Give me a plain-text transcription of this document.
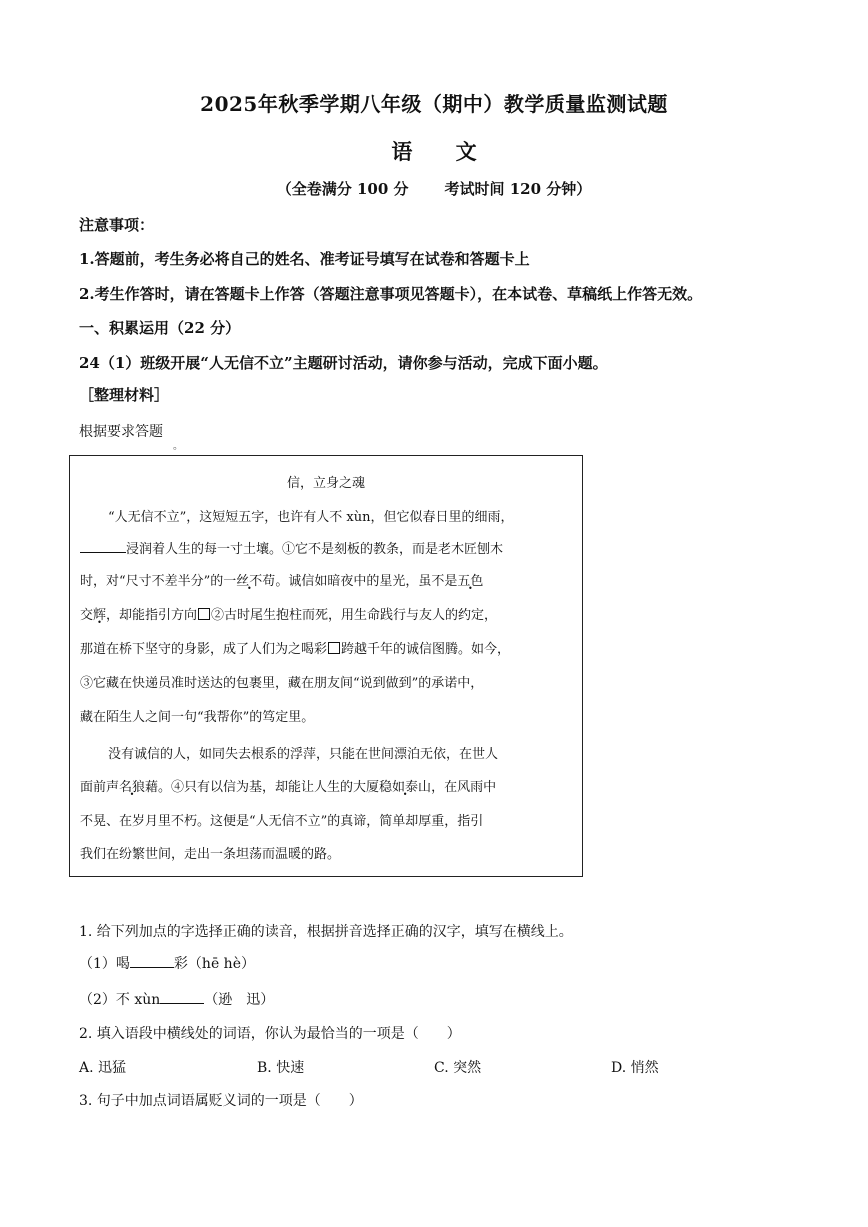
2025年秋季学期八年级（期中）教学质量监测试题
语 文
（全卷满分 100 分 考试时间 120 分钟）
注意事项：
1.答题前，考生务必将自己的姓名、准考证号填写在试卷和答题卡上
2.考生作答时，请在答题卡上作答（答题注意事项见答题卡），在本试卷、草稿纸上作答无效。
一、积累运用（22 分）
24（1）班级开展“人无信不立”主题研讨活动，请你参与活动，完成下面小题。
［整理材料］
根据要求答题
。
信，立身之魂
“人无信不立”，这短短五字，也许有人不 xùn，但它似春日里的细雨，
浸润着人生的每一寸土壤。①它不是刻板的教条，而是老木匠刨木
时，对“尺寸不差半分”的一丝不苟。诚信如暗夜中的星光，虽不是五色
交辉，却能指引方向 ②古时尾生抱柱而死，用生命践行与友人的约定，
那道在桥下坚守的身影，成了人们为之喝彩 跨越千年的诚信图腾。如今，
③它藏在快递员准时送达的包裹里，藏在朋友间“说到做到”的承诺中，
藏在陌生人之间一句“我帮你”的笃定里。
没有诚信的人，如同失去根系的浮萍，只能在世间漂泊无依，在世人
面前声名狼藉。④只有以信为基，却能让人生的大厦稳如泰山，在风雨中
不晃、在岁月里不朽。这便是“人无信不立”的真谛，简单却厚重，指引
我们在纷繁世间，走出一条坦荡而温暖的路。
1. 给下列加点的字选择正确的读音，根据拼音选择正确的汉字，填写在横线上。
（1）喝	彩（hē hè）
（2）不 xùn	（逊　迅）
2. 填入语段中横线处的词语，你认为最恰当的一项是（　　）
A. 迅猛	B. 快速	C. 突然	D. 悄然
3. 句子中加点词语属贬义词的一项是（　　）
